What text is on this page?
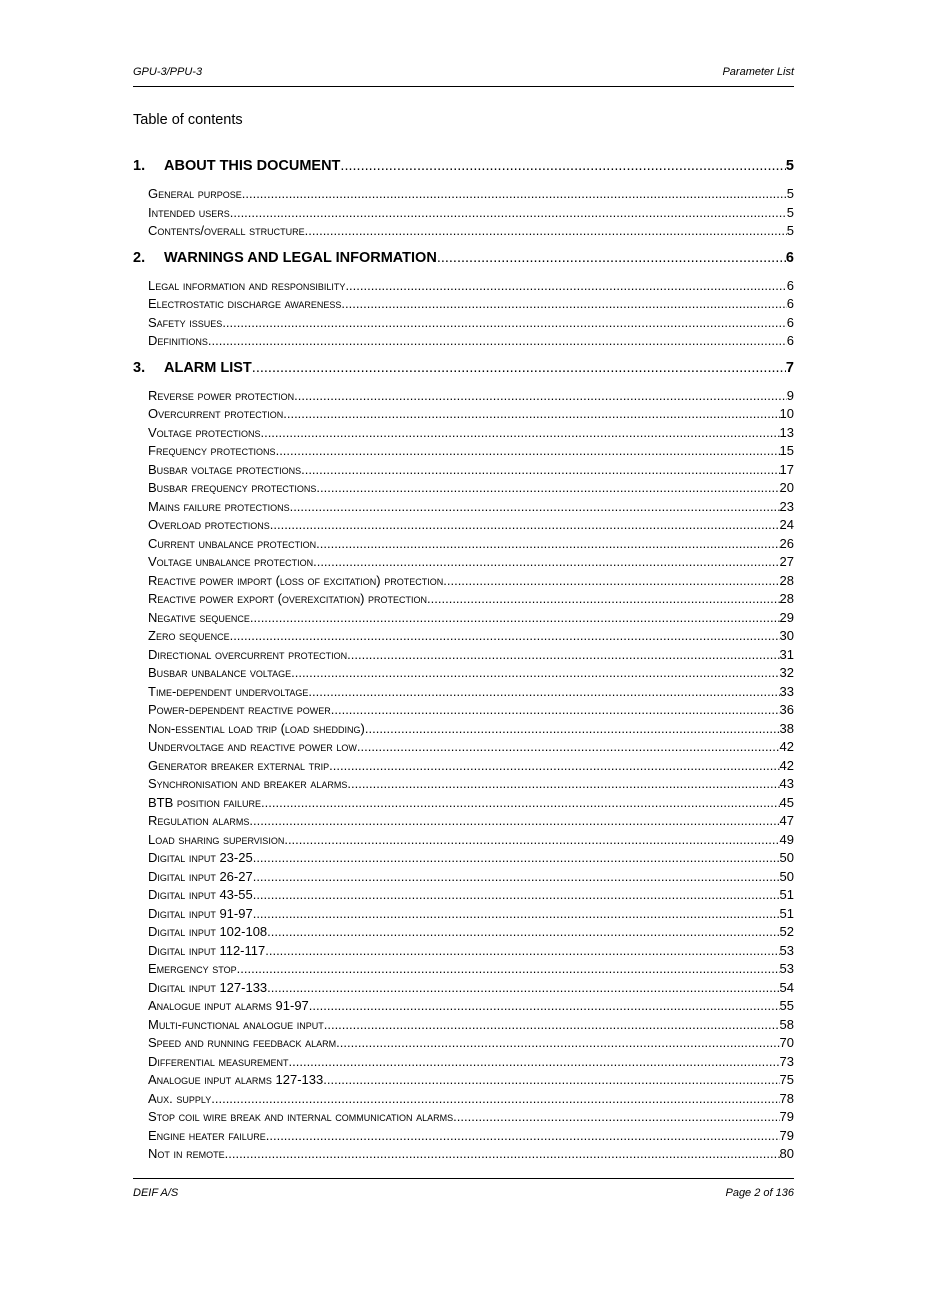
GPU-3/PPU-3	Parameter List
Table of contents
1.	ABOUT THIS DOCUMENT .....	5
General purpose .....	5
Intended users .....	5
Contents/overall structure .....	5
2.	WARNINGS AND LEGAL INFORMATION .....	6
Legal information and responsibility .....	6
Electrostatic discharge awareness .....	6
Safety issues .....	6
Definitions .....	6
3.	ALARM LIST .....	7
Reverse power protection .....	9
Overcurrent protection .....	10
Voltage protections .....	13
Frequency protections .....	15
Busbar voltage protections .....	17
Busbar frequency protections .....	20
Mains failure protections .....	23
Overload protections .....	24
Current unbalance protection .....	26
Voltage unbalance protection .....	27
Reactive power import (loss of excitation) protection .....	28
Reactive power export (overexcitation) protection .....	28
Negative sequence .....	29
Zero sequence .....	30
Directional overcurrent protection .....	31
Busbar unbalance voltage .....	32
Time-dependent undervoltage .....	33
Power-dependent reactive power .....	36
Non-essential load trip (load shedding) .....	38
Undervoltage and reactive power low .....	42
Generator breaker external trip .....	42
Synchronisation and breaker alarms .....	43
BTB position failure .....	45
Regulation alarms .....	47
Load sharing supervision .....	49
Digital input 23-25 .....	50
Digital input 26-27 .....	50
Digital input 43-55 .....	51
Digital input 91-97 .....	51
Digital input 102-108 .....	52
Digital input 112-117 .....	53
Emergency stop .....	53
Digital input 127-133 .....	54
Analogue input alarms 91-97 .....	55
Multi-functional analogue input .....	58
Speed and running feedback alarm .....	70
Differential measurement .....	73
Analogue input alarms 127-133 .....	75
Aux. supply .....	78
Stop coil wire break and internal communication alarms .....	79
Engine heater failure .....	79
Not in remote .....	80
DEIF A/S	Page 2 of 136
